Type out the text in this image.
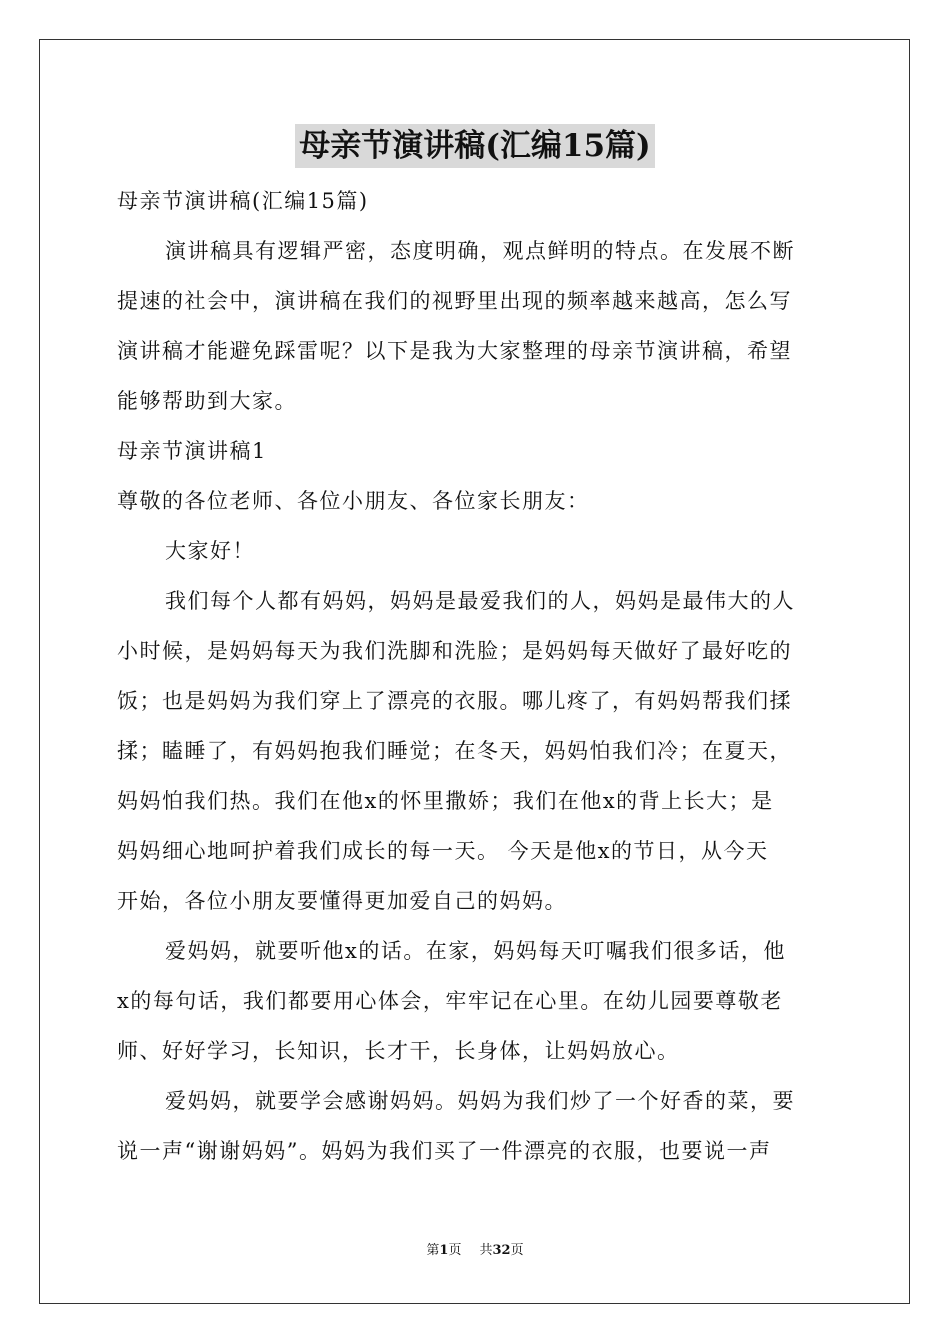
母亲节演讲稿(汇编15篇)
母亲节演讲稿(汇编15篇)
演讲稿具有逻辑严密，态度明确，观点鲜明的特点。在发展不断
提速的社会中，演讲稿在我们的视野里出现的频率越来越高，怎么写
演讲稿才能避免踩雷呢？以下是我为大家整理的母亲节演讲稿，希望
能够帮助到大家。
母亲节演讲稿1
尊敬的各位老师、各位小朋友、各位家长朋友：
大家好！
我们每个人都有妈妈，妈妈是最爱我们的人，妈妈是最伟大的人
小时候，是妈妈每天为我们洗脚和洗脸；是妈妈每天做好了最好吃的
饭；也是妈妈为我们穿上了漂亮的衣服。哪儿疼了，有妈妈帮我们揉
揉；瞌睡了，有妈妈抱我们睡觉；在冬天，妈妈怕我们冷；在夏天，
妈妈怕我们热。我们在他x的怀里撒娇；我们在他x的背上长大；是
妈妈细心地呵护着我们成长的每一天。 今天是他x的节日，从今天
开始，各位小朋友要懂得更加爱自己的妈妈。
爱妈妈，就要听他x的话。在家，妈妈每天叮嘱我们很多话，他
x的每句话，我们都要用心体会，牢牢记在心里。在幼儿园要尊敬老
师、好好学习，长知识，长才干，长身体，让妈妈放心。
爱妈妈，就要学会感谢妈妈。妈妈为我们炒了一个好香的菜，要
说一声“谢谢妈妈”。妈妈为我们买了一件漂亮的衣服，也要说一声
第1页 共32页
